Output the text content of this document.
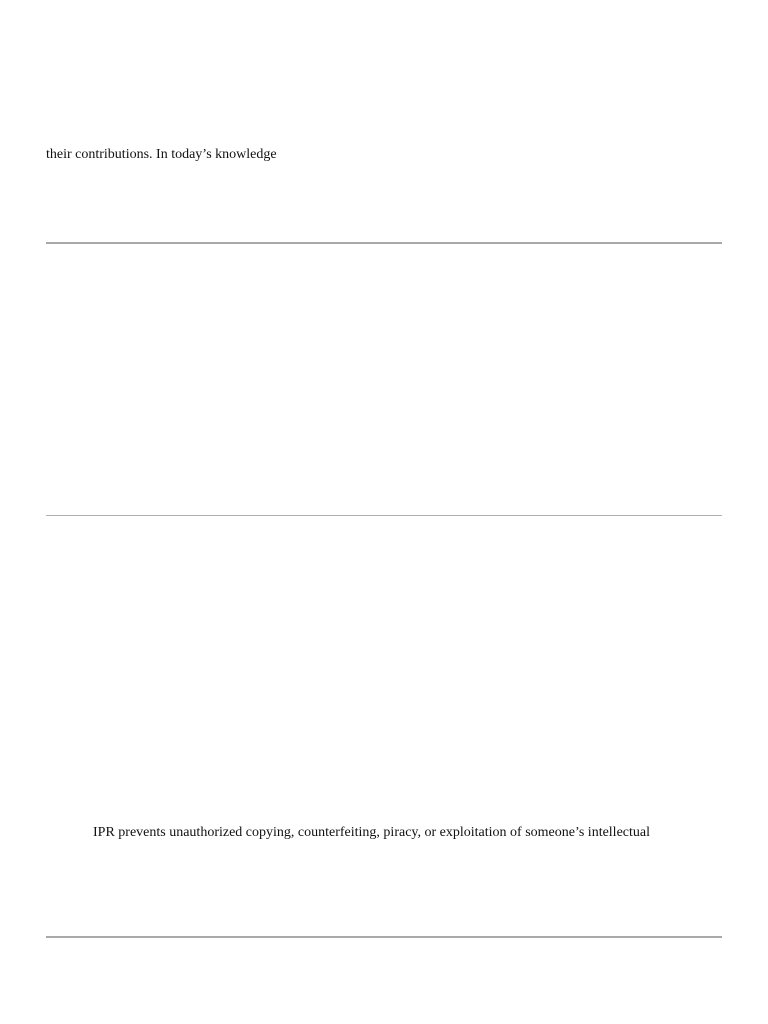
their contributions. In today’s knowledge
IPR prevents unauthorized copying, counterfeiting, piracy, or exploitation of someone’s intellectual
